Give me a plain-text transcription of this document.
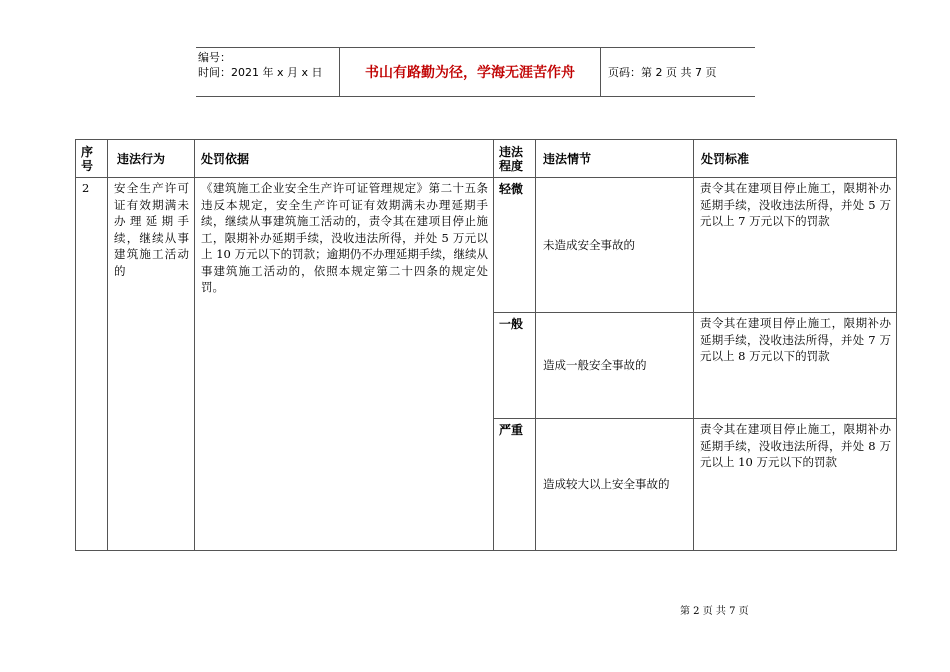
编号：
时间：2021 年 x 月 x 日	书山有路勤为径，学海无涯苦作舟	页码：第 2 页 共 7 页
序号	违法行为	处罚依据	违法程度	违法情节	处罚标准

2	安全生产许可证有效期满未办理延期手续，继续从事建筑施工活动的	《建筑施工企业安全生产许可证管理规定》第二十五条　违反本规定，安全生产许可证有效期满未办理延期手续，继续从事建筑施工活动的，责令其在建项目停止施工，限期补办延期手续，没收违法所得，并处 5 万元以上 10 万元以下的罚款；逾期仍不办理延期手续，继续从事建筑施工活动的，依照本规定第二十四条的规定处罚。	轻微	未造成安全事故的	责令其在建项目停止施工，限期补办延期手续，没收违法所得，并处 5 万元以上 7 万元以下的罚款

			一般	造成一般安全事故的	责令其在建项目停止施工，限期补办延期手续，没收违法所得，并处 7 万元以上 8 万元以下的罚款

			严重	造成较大以上安全事故的	责令其在建项目停止施工，限期补办延期手续，没收违法所得，并处 8 万元以上 10 万元以下的罚款
第 2 页 共 7 页
